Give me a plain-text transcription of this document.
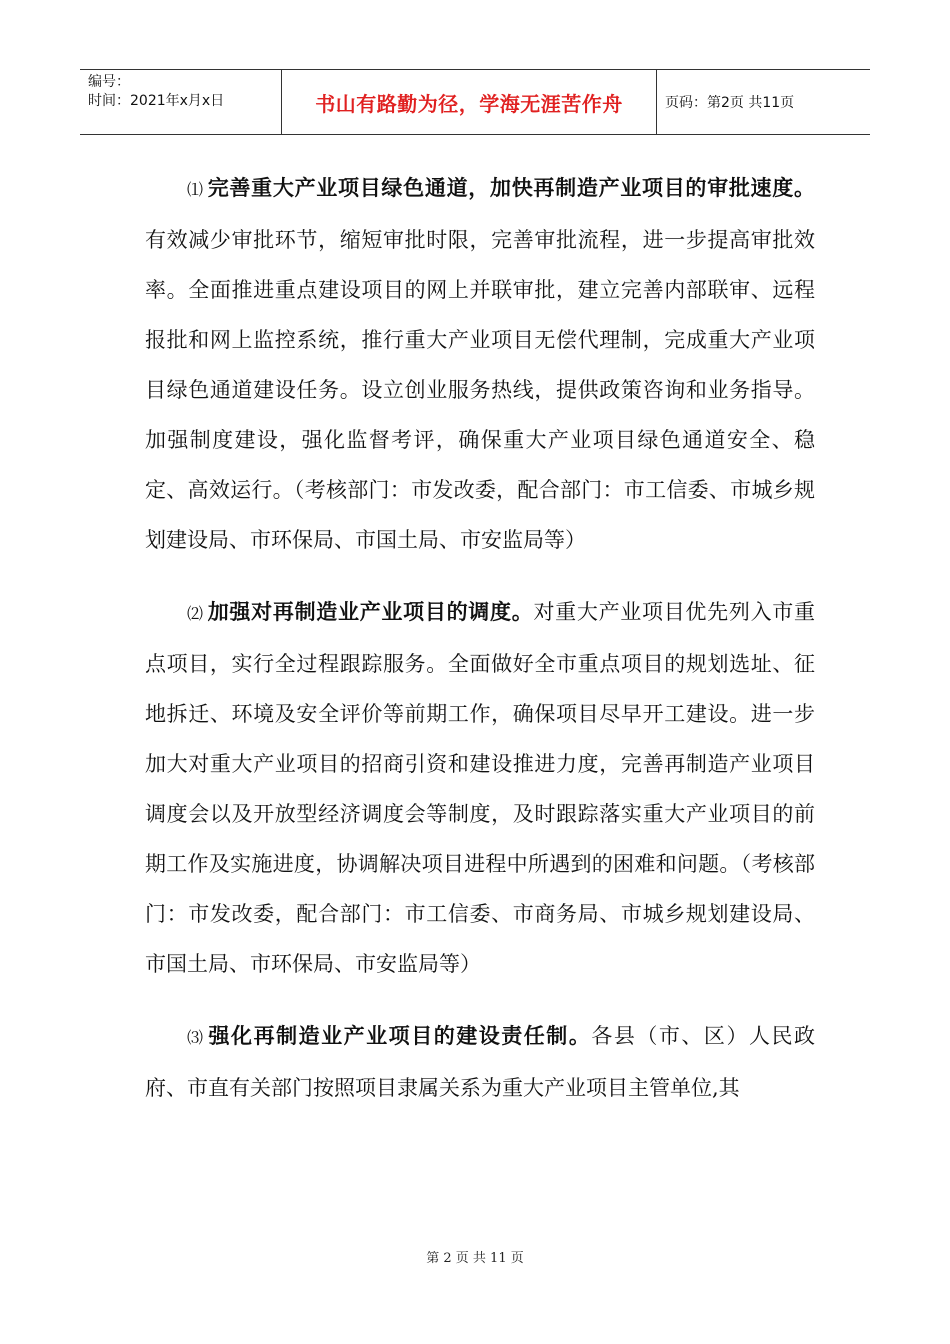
编号：
时间：2021年x月x日	书山有路勤为径，学海无涯苦作舟	页码：第2页 共11页

⑴ 完善重大产业项目绿色通道，加快再制造产业项目的审批速度。有效减少审批环节，缩短审批时限，完善审批流程，进一步提高审批效率。全面推进重点建设项目的网上并联审批，建立完善内部联审、远程报批和网上监控系统，推行重大产业项目无偿代理制，完成重大产业项目绿色通道建设任务。设立创业服务热线，提供政策咨询和业务指导。加强制度建设，强化监督考评，确保重大产业项目绿色通道安全、稳定、高效运行。（考核部门：市发改委，配合部门：市工信委、市城乡规划建设局、市环保局、市国土局、市安监局等）

⑵ 加强对再制造业产业项目的调度。对重大产业项目优先列入市重点项目，实行全过程跟踪服务。全面做好全市重点项目的规划选址、征地拆迁、环境及安全评价等前期工作，确保项目尽早开工建设。进一步加大对重大产业项目的招商引资和建设推进力度，完善再制造产业项目调度会以及开放型经济调度会等制度，及时跟踪落实重大产业项目的前期工作及实施进度，协调解决项目进程中所遇到的困难和问题。（考核部门：市发改委，配合部门：市工信委、市商务局、市城乡规划建设局、市国土局、市环保局、市安监局等）

⑶ 强化再制造业产业项目的建设责任制。各县（市、区）人民政府、市直有关部门按照项目隶属关系为重大产业项目主管单位,其

第 2 页 共 11 页
